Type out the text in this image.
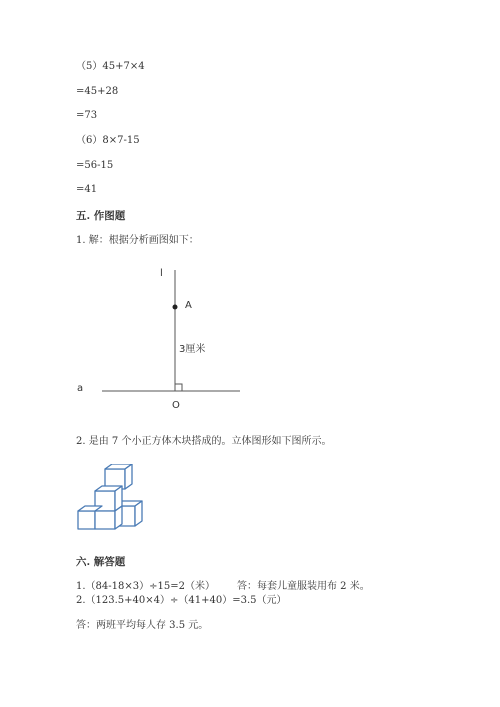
（5）45+7×4
=45+28
=73
（6）8×7-15
=56-15
=41
五. 作图题
1. 解：根据分析画图如下：
l
A
3厘米
a
O
2. 是由 7 个小正方体木块搭成的。立体图形如下图所示。
六. 解答题
1.（84-18×3）÷15=2（米） 答：每套儿童服装用布 2 米。
2.（123.5+40×4）÷（41+40）=3.5（元）
答：两班平均每人存 3.5 元。
